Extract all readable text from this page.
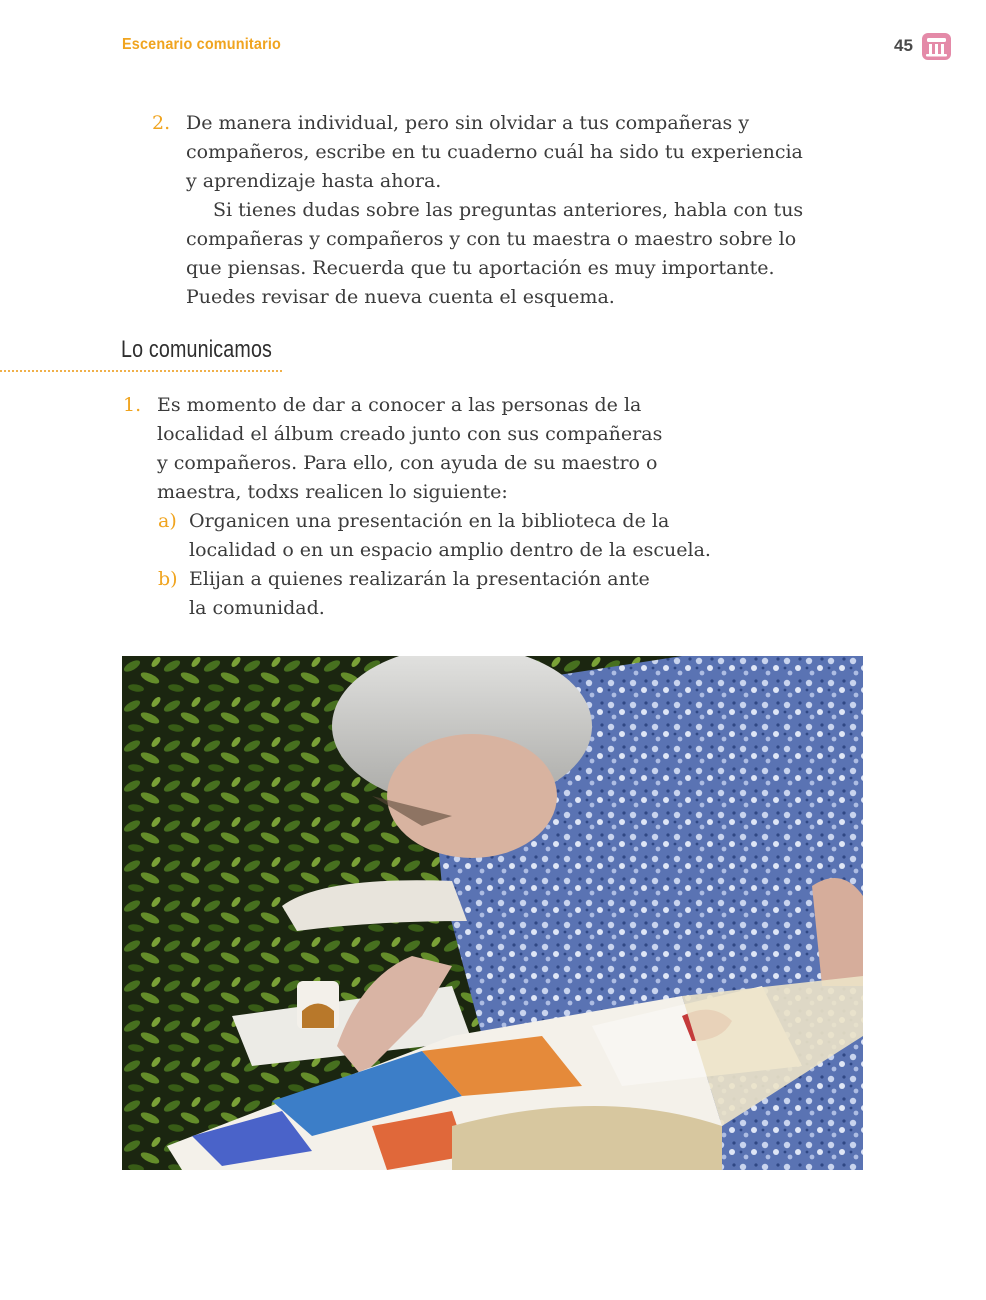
Escenario comunitario	45
2. De manera individual, pero sin olvidar a tus compañeras y
compañeros, escribe en tu cuaderno cuál ha sido tu experiencia
y aprendizaje hasta ahora.
Si tienes dudas sobre las preguntas anteriores, habla con tus
compañeras y compañeros y con tu maestra o maestro sobre lo
que piensas. Recuerda que tu aportación es muy importante.
Puedes revisar de nueva cuenta el esquema.
Lo comunicamos
1. Es momento de dar a conocer a las personas de la
localidad el álbum creado junto con sus compañeras
y compañeros. Para ello, con ayuda de su maestro o
maestra, todxs realicen lo siguiente:
a) Organicen una presentación en la biblioteca de la
localidad o en un espacio amplio dentro de la escuela.
b) Elijan a quienes realizarán la presentación ante
la comunidad.
